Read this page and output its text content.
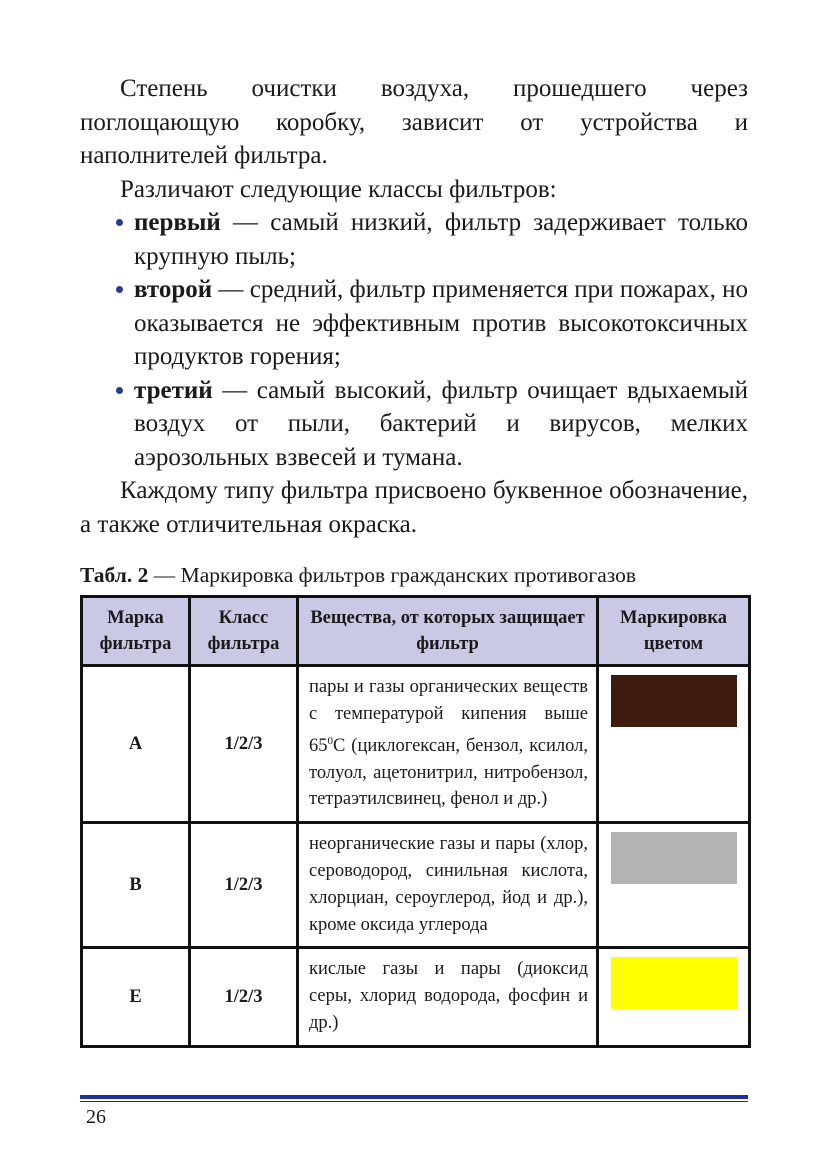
Степень очистки воздуха, прошедшего через поглощающую коробку, зависит от устройства и наполнителей фильтра.

Различают следующие классы фильтров:

первый — самый низкий, фильтр задерживает только крупную пыль;
второй — средний, фильтр применяется при пожарах, но оказывается не эффективным против высокотоксичных продуктов горения;
третий — самый высокий, фильтр очищает вдыхаемый воздух от пыли, бактерий и вирусов, мелких аэрозольных взвесей и тумана.

Каждому типу фильтра присвоено буквенное обозначение, а также отличительная окраска.

Табл. 2 — Маркировка фильтров гражданских противогазов
Марка фильтра	Класс фильтра	Вещества, от которых защищает фильтр	Маркировка цветом
A	1/2/3	пары и газы органических веществ с температурой кипения выше $65^0С$ (циклогексан, бензол, ксилол, толуол, ацетонитрил, нитробензол, тетраэтилсвинец, фенол и др.)	

B	1/2/3	неорганические газы и пары (хлор, сероводород, синильная кислота, хлорциан, сероуглерод, йод и др.), кроме оксида углерода	

E	1/2/3	кислые газы и пары (диоксид серы, хлорид водорода, фосфин и др.)	
26
